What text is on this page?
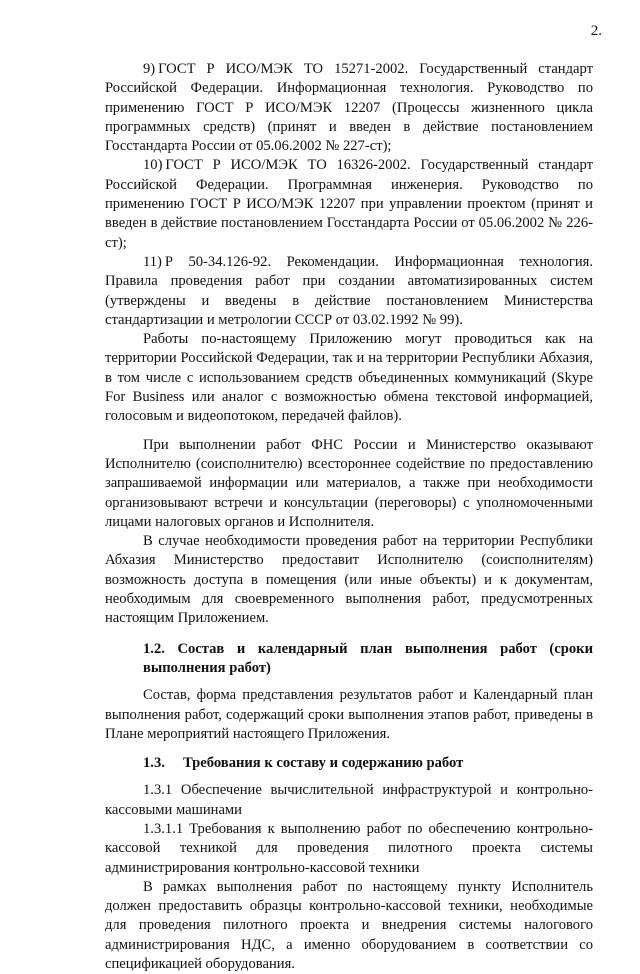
2.

9) ГОСТ Р ИСО/МЭК ТО 15271-2002. Государственный стандарт Российской Федерации. Информационная технология. Руководство по применению ГОСТ Р ИСО/МЭК 12207 (Процессы жизненного цикла программных средств) (принят и введен в действие постановлением Госстандарта России от 05.06.2002 № 227-ст);

10) ГОСТ Р ИСО/МЭК ТО 16326-2002. Государственный стандарт Российской Федерации. Программная инженерия. Руководство по применению ГОСТ Р ИСО/МЭК 12207 при управлении проектом (принят и введен в действие постановлением Госстандарта России от 05.06.2002 № 226-ст);

11) Р 50-34.126-92. Рекомендации. Информационная технология. Правила проведения работ при создании автоматизированных систем (утверждены и введены в действие постановлением Министерства стандартизации и метрологии СССР от 03.02.1992 № 99).

Работы по-настоящему Приложению могут проводиться как на территории Российской Федерации, так и на территории Республики Абхазия, в том числе с использованием средств объединенных коммуникаций (Skype For Business или аналог с возможностью обмена текстовой информацией, голосовым и видеопотоком, передачей файлов).

При выполнении работ ФНС России и Министерство оказывают Исполнителю (соисполнителю) всестороннее содействие по предоставлению запрашиваемой информации или материалов, а также при необходимости организовывают встречи и консультации (переговоры) с уполномоченными лицами налоговых органов и Исполнителя.

В случае необходимости проведения работ на территории Республики Абхазия Министерство предоставит Исполнителю (соисполнителям) возможность доступа в помещения (или иные объекты) и к документам, необходимым для своевременного выполнения работ, предусмотренных настоящим Приложением.

1.2. Состав и календарный план выполнения работ (сроки выполнения работ)

Состав, форма представления результатов работ и Календарный план выполнения работ, содержащий сроки выполнения этапов работ, приведены в Плане мероприятий настоящего Приложения.

1.3. Требования к составу и содержанию работ

1.3.1 Обеспечение вычислительной инфраструктурой и контрольно-кассовыми машинами

1.3.1.1 Требования к выполнению работ по обеспечению контрольно-кассовой техникой для проведения пилотного проекта системы администрирования контрольно-кассовой техники

В рамках выполнения работ по настоящему пункту Исполнитель должен предоставить образцы контрольно-кассовой техники, необходимые для проведения пилотного проекта и внедрения системы налогового администрирования НДС, а именно оборудованием в соответствии со спецификацией оборудования.
